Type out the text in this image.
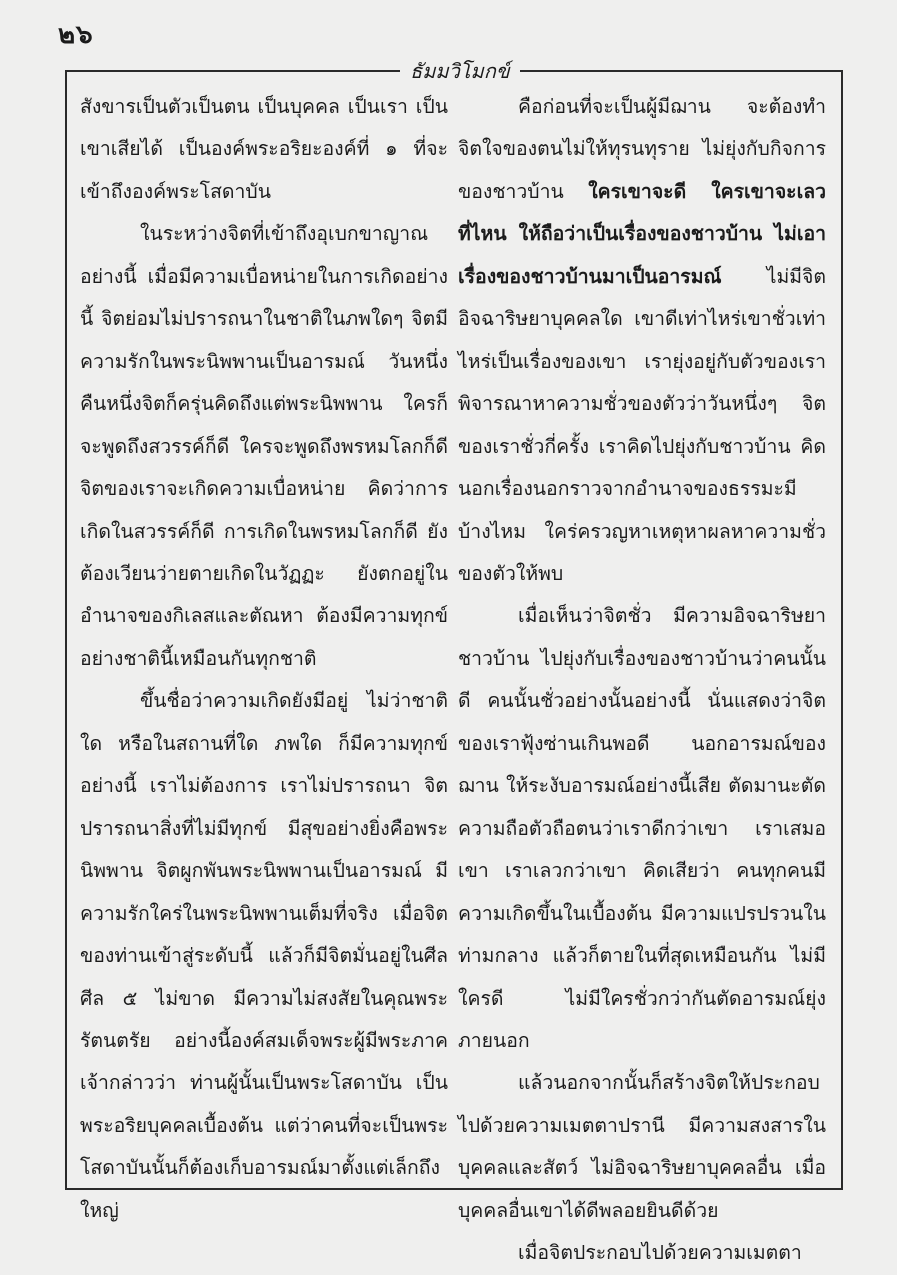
๒๖
ธัมมวิโมกข์

สังขารเป็นตัวเป็นตน เป็นบุคคล เป็นเรา เป็นเขาเสียได้ เป็นองค์พระอริยะองค์ที่ ๑ ที่จะเข้าถึงองค์พระโสดาบัน

ในระหว่างจิตที่เข้าถึงอุเบกขาญาณอย่างนี้ เมื่อมีความเบื่อหน่ายในการเกิดอย่างนี้ จิตย่อมไม่ปรารถนาในชาติในภพใดๆ จิตมีความรักในพระนิพพานเป็นอารมณ์ วันหนึ่งคืนหนึ่งจิตก็ครุ่นคิดถึงแต่พระนิพพาน ใครก็จะพูดถึงสวรรค์ก็ดี ใครจะพูดถึงพรหมโลกก็ดี จิตของเราจะเกิดความเบื่อหน่าย คิดว่าการเกิดในสวรรค์ก็ดี การเกิดในพรหมโลกก็ดี ยังต้องเวียนว่ายตายเกิดในวัฏฏะ ยังตกอยู่ในอำนาจของกิเลสและตัณหา ต้องมีความทุกข์อย่างชาตินี้เหมือนกันทุกชาติ

ขึ้นชื่อว่าความเกิดยังมีอยู่ ไม่ว่าชาติใด หรือในสถานที่ใด ภพใด ก็มีความทุกข์อย่างนี้ เราไม่ต้องการ เราไม่ปรารถนา จิตปรารถนาสิ่งที่ไม่มีทุกข์ มีสุขอย่างยิ่งคือพระนิพพาน จิตผูกพันพระนิพพานเป็นอารมณ์ มีความรักใคร่ในพระนิพพานเต็มที่จริง เมื่อจิตของท่านเข้าสู่ระดับนี้ แล้วก็มีจิตมั่นอยู่ในศีล ศีล ๕ ไม่ขาด มีความไม่สงสัยในคุณพระรัตนตรัย อย่างนี้องค์สมเด็จพระผู้มีพระภาคเจ้ากล่าวว่า ท่านผู้นั้นเป็นพระโสดาบัน เป็นพระอริยบุคคลเบื้องต้น แต่ว่าคนที่จะเป็นพระโสดาบันนั้นก็ต้องเก็บอารมณ์มาตั้งแต่เล็กถึงใหญ่

คือก่อนที่จะเป็นผู้มีฌาน จะต้องทำจิตใจของตนไม่ให้ทุรนทุราย ไม่ยุ่งกับกิจการของชาวบ้าน ใครเขาจะดี ใครเขาจะเลวที่ไหน ให้ถือว่าเป็นเรื่องของชาวบ้าน ไม่เอาเรื่องของชาวบ้านมาเป็นอารมณ์ ไม่มีจิตอิจฉาริษยาบุคคลใด เขาดีเท่าไหร่เขาชั่วเท่าไหร่เป็นเรื่องของเขา เรายุ่งอยู่กับตัวของเรา พิจารณาหาความชั่วของตัวว่าวันหนึ่งๆ จิตของเราชั่วกี่ครั้ง เราคิดไปยุ่งกับชาวบ้าน คิดนอกเรื่องนอกราวจากอำนาจของธรรมะมีบ้างไหม ใคร่ครวญหาเหตุหาผลหาความชั่วของตัวให้พบ

เมื่อเห็นว่าจิตชั่ว มีความอิจฉาริษยาชาวบ้าน ไปยุ่งกับเรื่องของชาวบ้านว่าคนนั้นดี คนนั้นชั่วอย่างนั้นอย่างนี้ นั่นแสดงว่าจิตของเราฟุ้งซ่านเกินพอดี นอกอารมณ์ของฌาน ให้ระงับอารมณ์อย่างนี้เสีย ตัดมานะตัดความถือตัวถือตนว่าเราดีกว่าเขา เราเสมอเขา เราเลวกว่าเขา คิดเสียว่า คนทุกคนมีความเกิดขึ้นในเบื้องต้น มีความแปรปรวนในท่ามกลาง แล้วก็ตายในที่สุดเหมือนกัน ไม่มีใครดี ไม่มีใครชั่วกว่ากันตัดอารมณ์ยุ่งภายนอก

แล้วนอกจากนั้นก็สร้างจิตให้ประกอบไปด้วยความเมตตาปรานี มีความสงสารในบุคคลและสัตว์ ไม่อิจฉาริษยาบุคคลอื่น เมื่อบุคคลอื่นเขาได้ดีพลอยยินดีด้วย

เมื่อจิตประกอบไปด้วยความเมตตา
